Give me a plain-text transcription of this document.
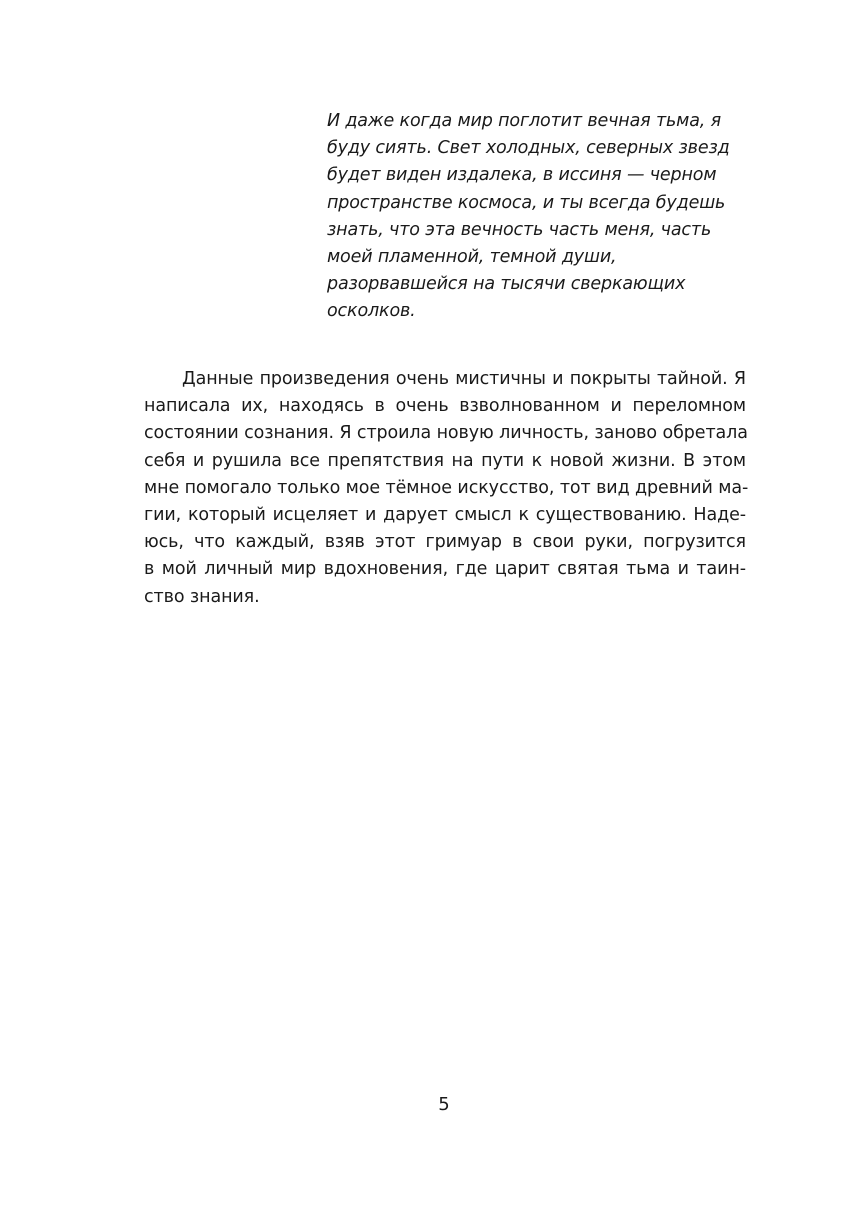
И даже когда мир поглотит вечная тьма, я
буду сиять. Свет холодных, северных звезд
будет виден издалека, в иссиня — черном
пространстве космоса, и ты всегда будешь
знать, что эта вечность часть меня, часть
моей пламенной, темной души,
разорвавшейся на тысячи сверкающих
осколков.
Данные произведения очень мистичны и покрыты тайной. Я
написала их, находясь в очень взволнованном и переломном
состоянии сознания. Я строила новую личность, заново обретала
себя и рушила все препятствия на пути к новой жизни. В этом
мне помогало только мое тёмное искусство, тот вид древний ма-
гии, который исцеляет и дарует смысл к существованию. Наде-
юсь, что каждый, взяв этот гримуар в свои руки, погрузится
в мой личный мир вдохновения, где царит святая тьма и таин-
ство знания.
5
